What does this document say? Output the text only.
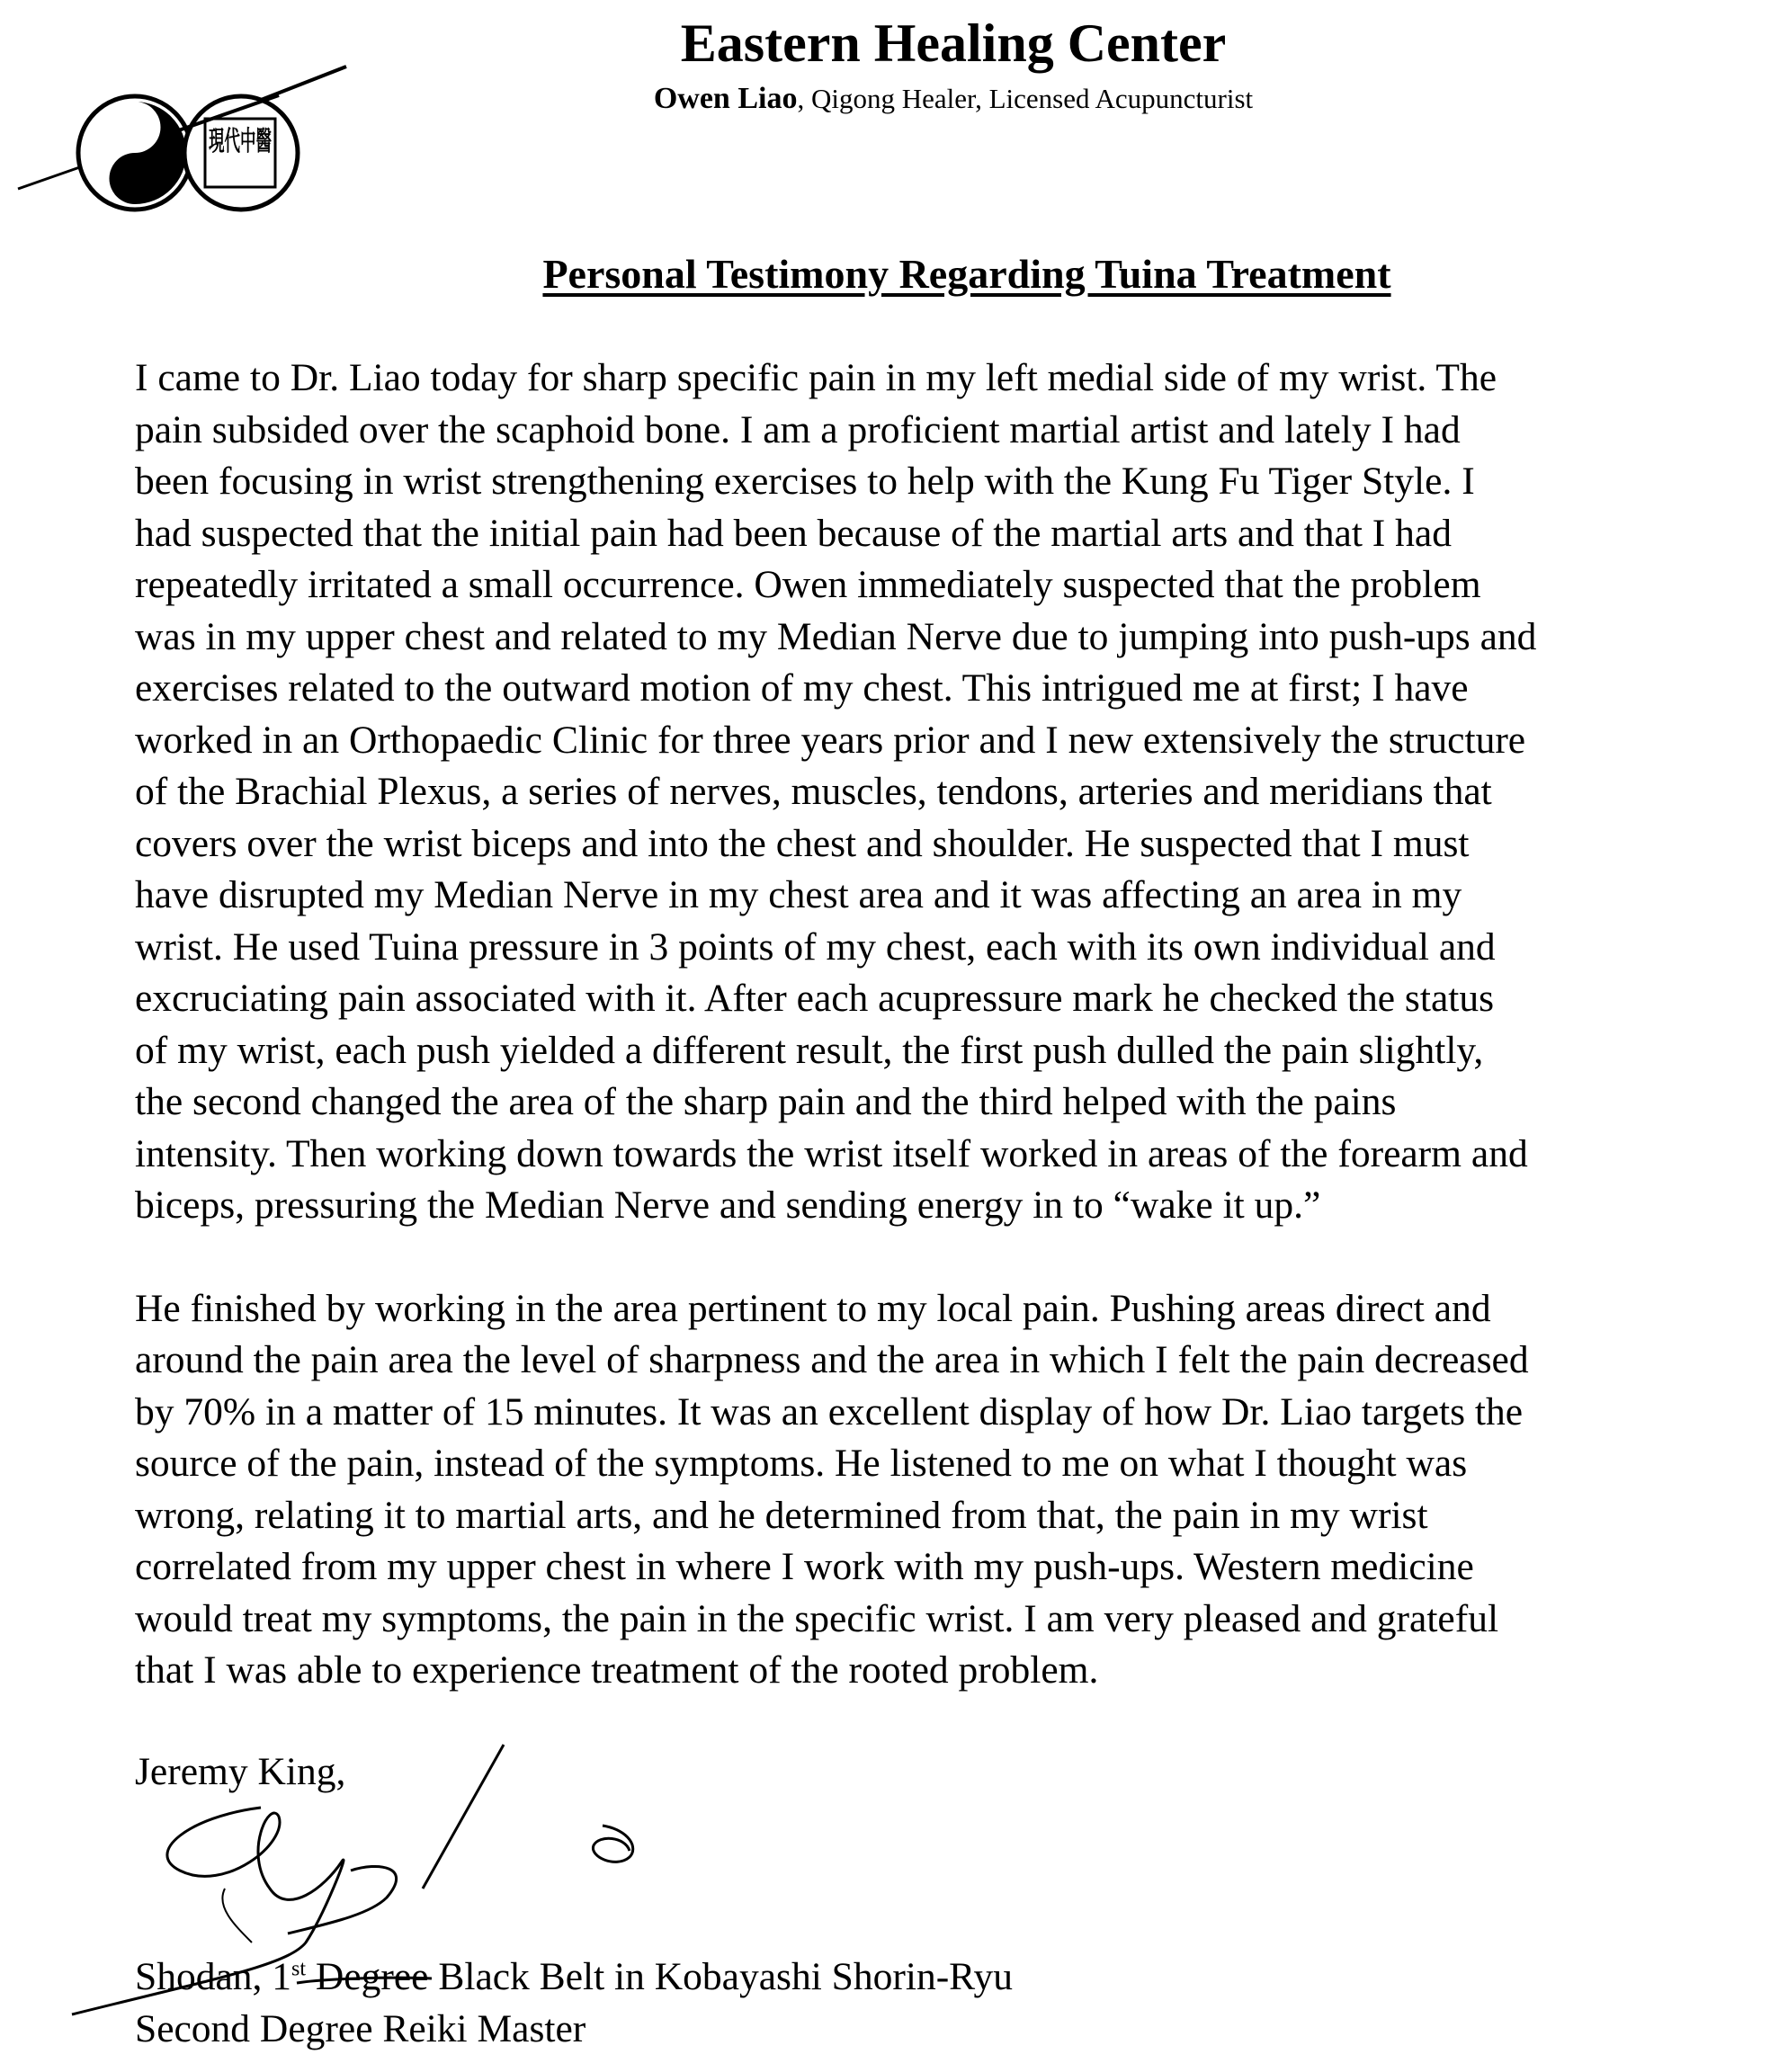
現代中醫
Eastern Healing Center
Owen Liao, Qigong Healer, Licensed Acupuncturist
Personal Testimony Regarding Tuina Treatment

I came to Dr. Liao today for sharp specific pain in my left medial side of my wrist. The
pain subsided over the scaphoid bone. I am a proficient martial artist and lately I had
been focusing in wrist strengthening exercises to help with the Kung Fu Tiger Style. I
had suspected that the initial pain had been because of the martial arts and that I had
repeatedly irritated a small occurrence. Owen immediately suspected that the problem
was in my upper chest and related to my Median Nerve due to jumping into push-ups and
exercises related to the outward motion of my chest. This intrigued me at first; I have
worked in an Orthopaedic Clinic for three years prior and I new extensively the structure
of the Brachial Plexus, a series of nerves, muscles, tendons, arteries and meridians that
covers over the wrist biceps and into the chest and shoulder. He suspected that I must
have disrupted my Median Nerve in my chest area and it was affecting an area in my
wrist. He used Tuina pressure in 3 points of my chest, each with its own individual and
excruciating pain associated with it. After each acupressure mark he checked the status
of my wrist, each push yielded a different result, the first push dulled the pain slightly,
the second changed the area of the sharp pain and the third helped with the pains
intensity. Then working down towards the wrist itself worked in areas of the forearm and
biceps, pressuring the Median Nerve and sending energy in to “wake it up.”

He finished by working in the area pertinent to my local pain. Pushing areas direct and
around the pain area the level of sharpness and the area in which I felt the pain decreased
by 70% in a matter of 15 minutes. It was an excellent display of how Dr. Liao targets the
source of the pain, instead of the symptoms. He listened to me on what I thought was
wrong, relating it to martial arts, and he determined from that, the pain in my wrist
correlated from my upper chest in where I work with my push-ups. Western medicine
would treat my symptoms, the pain in the specific wrist. I am very pleased and grateful
that I was able to experience treatment of the rooted problem.

Jeremy King,
Shodan, 1st Degree Black Belt in Kobayashi Shorin-Ryu
Second Degree Reiki Master
